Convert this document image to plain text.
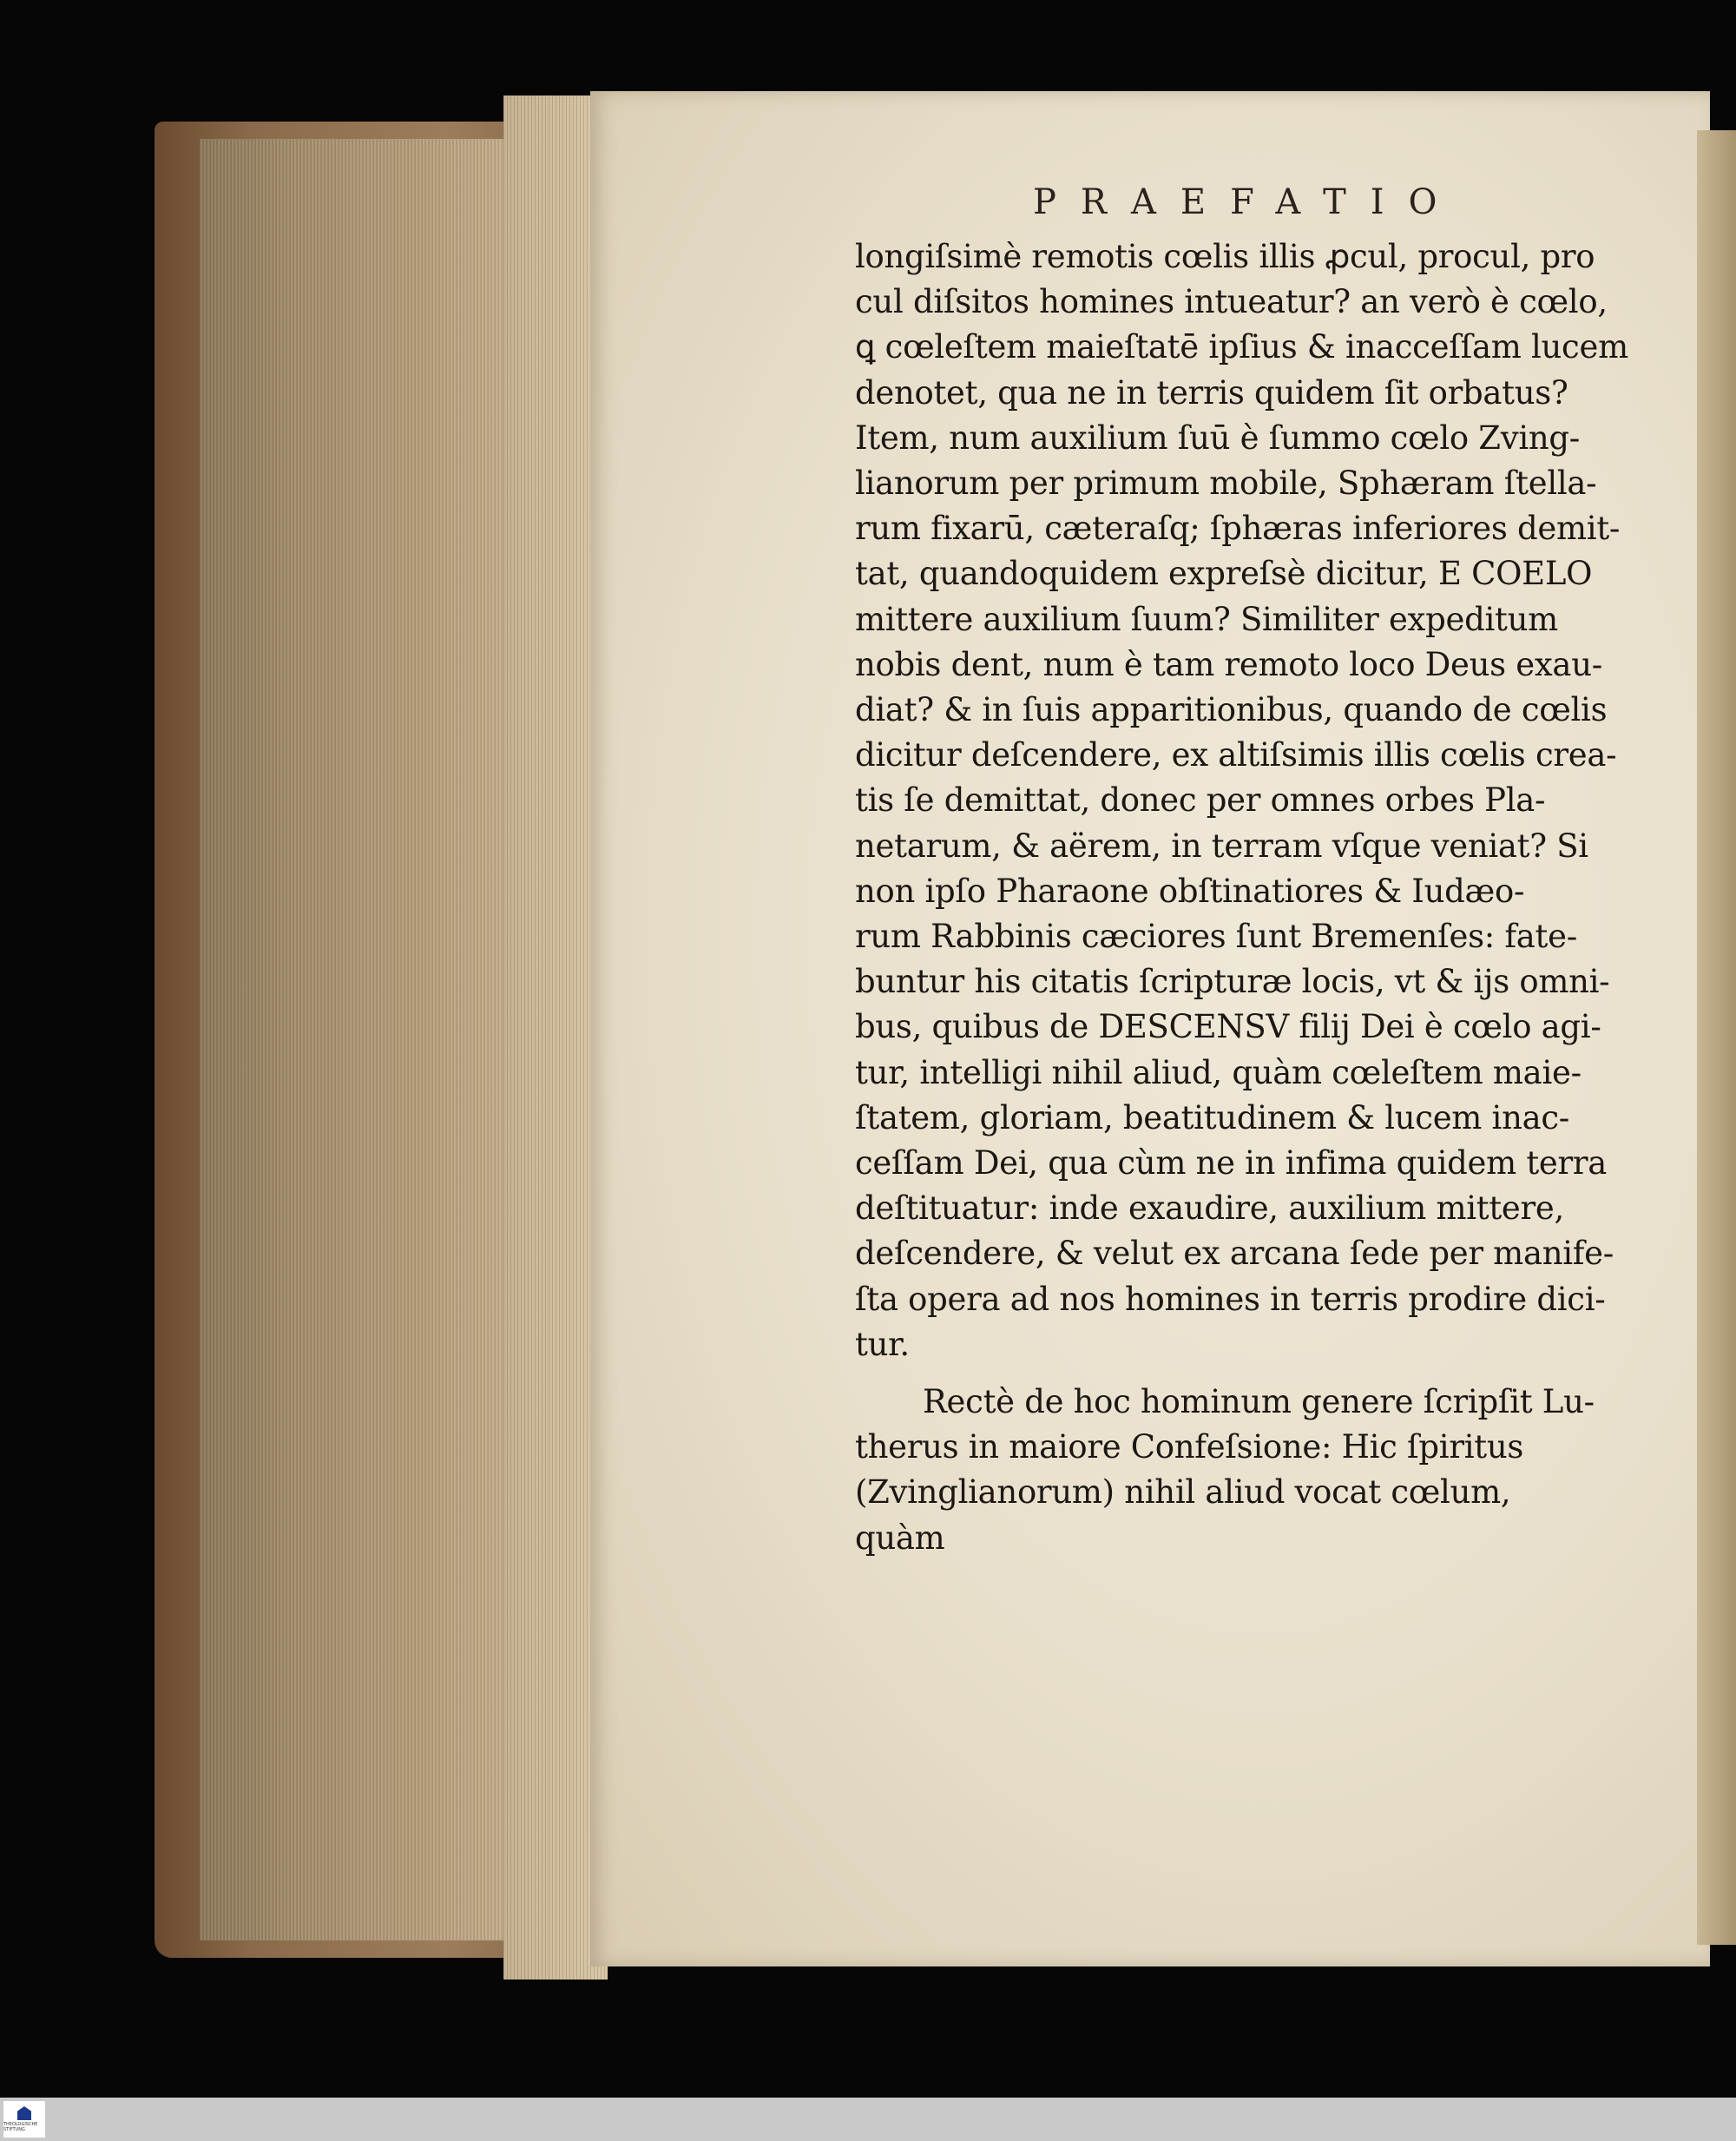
PRAEFATIO
longiſsimè remotis cœlis illis ꝓcul, procul, pro
cul diſsitos homines intueatur? an verò è cœlo,
ꝗ cœleſtem maieſtatē ipſius & inacceſſam lucem
denotet, qua ne in terris quidem ſit orbatus?
Item, num auxilium ſuū è ſummo cœlo Zving-
lianorum per primum mobile, Sphæram ſtella-
rum fixarū, cæteraſq; ſphæras inferiores demit-
tat, quandoquidem expreſsè dicitur, E COELO
mittere auxilium ſuum? Similiter expeditum
nobis dent, num è tam remoto loco Deus exau-
diat? & in ſuis apparitionibus, quando de cœlis
dicitur deſcendere, ex altiſsimis illis cœlis crea-
tis ſe demittat, donec per omnes orbes Pla-
netarum, & aërem, in terram vſque veniat? Si
non ipſo Pharaone obſtinatiores & Iudæo-
rum Rabbinis cæciores ſunt Bremenſes: fate-
buntur his citatis ſcripturæ locis, vt & ijs omni-
bus, quibus de DESCENSV filij Dei è cœlo agi-
tur, intelligi nihil aliud, quàm cœleſtem maie-
ſtatem, gloriam, beatitudinem & lucem inac-
ceſſam Dei, qua cùm ne in infima quidem terra
deſtituatur: inde exaudire, auxilium mittere,
deſcendere, & velut ex arcana ſede per manife-
ſta opera ad nos homines in terris prodire dici-
tur.
Rectè de hoc hominum genere ſcripſit Lu-
therus in maiore Confeſsione: Hic ſpiritus
(Zvinglianorum) nihil aliud vocat cœlum,
quàm
THEOLOGISCHE STIFTUNG
